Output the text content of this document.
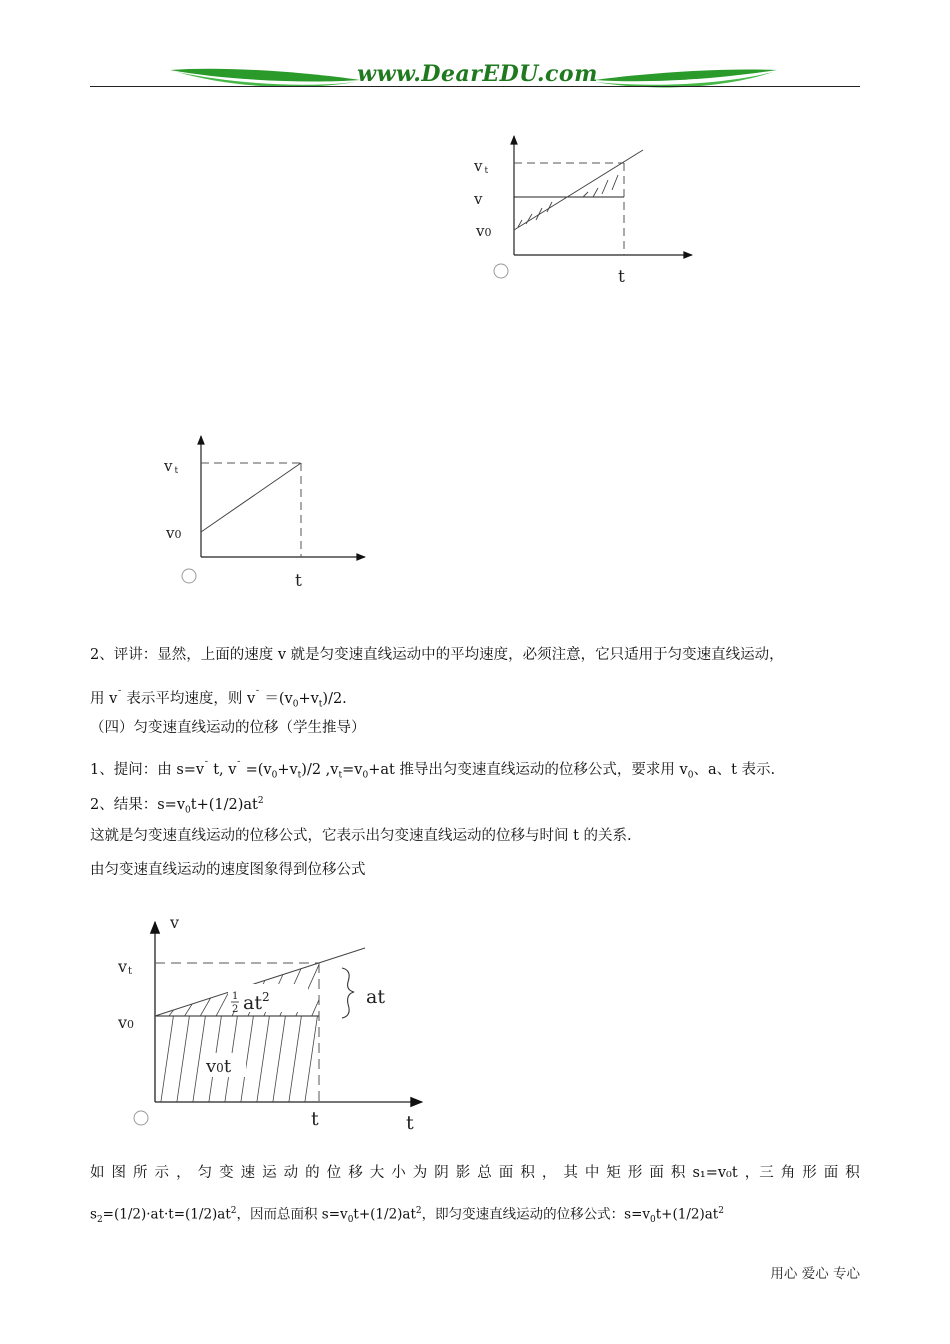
www.DearEDU.com
vt
v
v0
t
vt
v0
t
2、评讲：显然，上面的速度 v 就是匀变速直线运动中的平均速度，必须注意，它只适用于匀变速直线运动，
用 $v^ˉ$ 表示平均速度，则 $v^ˉ =(v_0+v_t)/2$.
（四）匀变速直线运动的位移（学生推导）
1、提问：由 $s=v^ˉ$ t, $v^ˉ =(v_0+v_t)/2$ $,v_t=v_0+at$ 推导出匀变速直线运动的位移公式，要求用 $v_0$、a、t 表示.
2、结果：$s=v_0t+(1/2)at^2$
这就是匀变速直线运动的位移公式，它表示出匀变速直线运动的位移与时间 t 的关系.
由匀变速直线运动的速度图象得到位移公式
v
vt
v0
1
2 $at^2$	at
v0t
t	t
如 图 所 示 ， 匀 变 速 运 动 的 位 移 大 小 为 阴 影 总 面 积 ， 其 中 矩 形 面 积 s₁=v₀t ，三 角 形 面 积
$s_2=(1/2)\cdot at\cdot t=(1/2)at^2$，因而总面积 $s=v_0t+(1/2)at^2$，即匀变速直线运动的位移公式：$s=v_0t+(1/2)at^2$
用心 爱心 专心
